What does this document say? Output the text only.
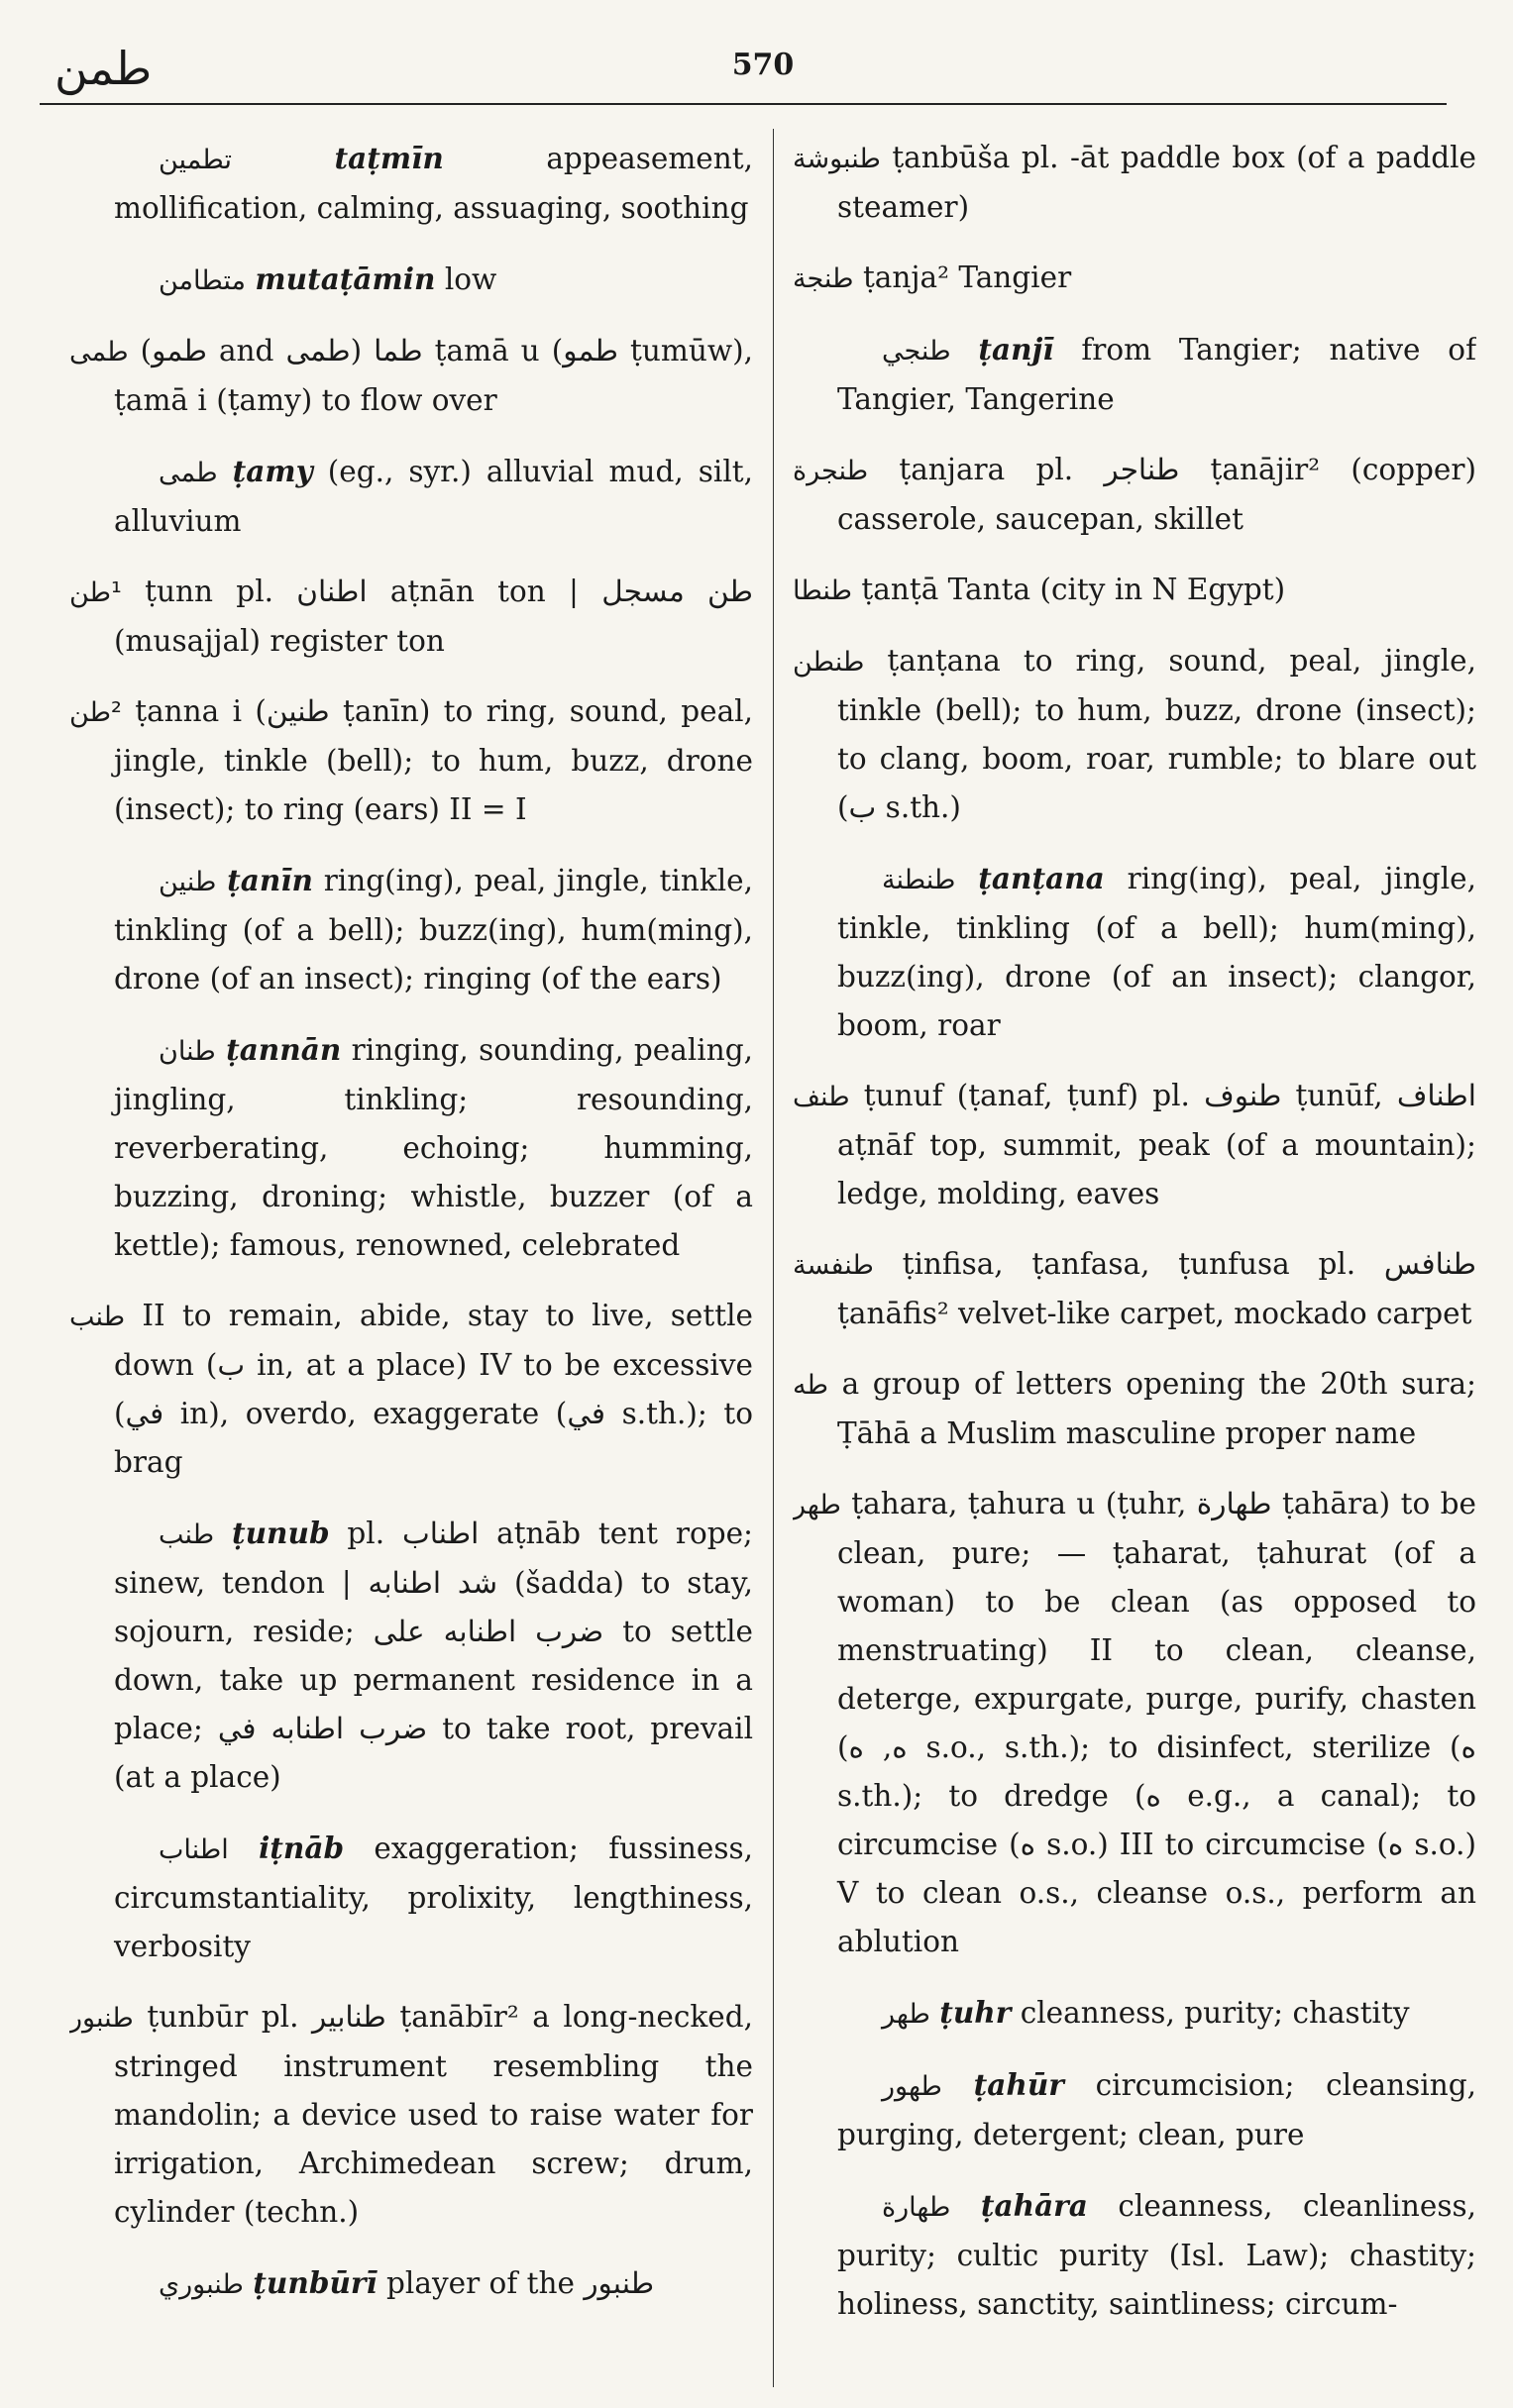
طمن	570

تطمين	taṭmīn	appeasement, mollification, calming, assuaging, soothing

متطامن mutaṭāmin low

طمى (طمو and طمى) طما ṭamā u (طمو ṭumūw), ṭamā i (ṭamy) to flow over

طمى ṭamy (eg., syr.) alluvial mud, silt, alluvium

¹طن ṭunn pl. اطنان aṭnān ton | طن مسجل (musajjal) register ton

²طن ṭanna i (طنين ṭanīn) to ring, sound, peal, jingle, tinkle (bell); to hum, buzz, drone (insect); to ring (ears) II = I

طنين ṭanīn ring(ing), peal, jingle, tinkle, tinkling (of a bell); buzz(ing), hum(ming), drone (of an insect); ringing (of the ears)

طنان ṭannān ringing, sounding, pealing, jingling, tinkling; resounding, reverberating, echoing; humming, buzzing, droning; whistle, buzzer (of a kettle); famous, renowned, celebrated

طنب II to remain, abide, stay to live, settle down (ب in, at a place) IV to be excessive (في in), overdo, exaggerate (في s.th.); to brag

طنب ṭunub pl. اطناب aṭnāb tent rope; sinew, tendon | شد اطنابه (šadda) to stay, sojourn, reside; ضرب اطنابه على to settle down, take up permanent residence in a place; ضرب اطنابه في to take root, prevail (at a place)

اطناب iṭnāb exaggeration; fussiness, circumstantiality, prolixity, lengthiness, verbosity

طنبور ṭunbūr pl. طنابير ṭanābīr² a long-necked, stringed instrument resembling the mandolin; a device used to raise water for irrigation, Archimedean screw; drum, cylinder (techn.)

طنبوري ṭunbūrī player of the طنبور

طنبوشة ṭanbūša pl. -āt paddle box (of a paddle steamer)

طنجة ṭanja² Tangier

طنجي ṭanjī from Tangier; native of Tangier, Tangerine

طنجرة ṭanjara pl. طناجر ṭanājir² (copper) casserole, saucepan, skillet

طنطا ṭanṭā Tanta (city in N Egypt)

طنطن ṭanṭana to ring, sound, peal, jingle, tinkle (bell); to hum, buzz, drone (insect); to clang, boom, roar, rumble; to blare out (ب s.th.)

طنطنة ṭanṭana ring(ing), peal, jingle, tinkle, tinkling (of a bell); hum(ming), buzz(ing), drone (of an insect); clangor, boom, roar

طنف ṭunuf (ṭanaf, ṭunf) pl. طنوف ṭunūf, اطناف aṭnāf top, summit, peak (of a mountain); ledge, molding, eaves

طنفسة ṭinfisa, ṭanfasa, ṭunfusa pl. طنافس ṭanāfis² velvet-like carpet, mockado carpet

طه a group of letters opening the 20th sura; Ṭāhā a Muslim masculine proper name

طهر ṭahara, ṭahura u (ṭuhr, طهارة ṭahāra) to be clean, pure; — ṭaharat, ṭahurat (of a woman) to be clean (as opposed to menstruating) II to clean, cleanse, deterge, expurgate, purge, purify, chasten (ه, ه s.o., s.th.); to disinfect, sterilize (ه s.th.); to dredge (ه e.g., a canal); to circumcise (ه s.o.) III to circumcise (ه s.o.) V to clean o.s., cleanse o.s., perform an ablution

طهر ṭuhr cleanness, purity; chastity

طهور ṭahūr circumcision; cleansing, purging, detergent; clean, pure

طهارة ṭahāra cleanness, cleanliness, purity; cultic purity (Isl. Law); chastity; holiness, sanctity, saintliness; circum-
